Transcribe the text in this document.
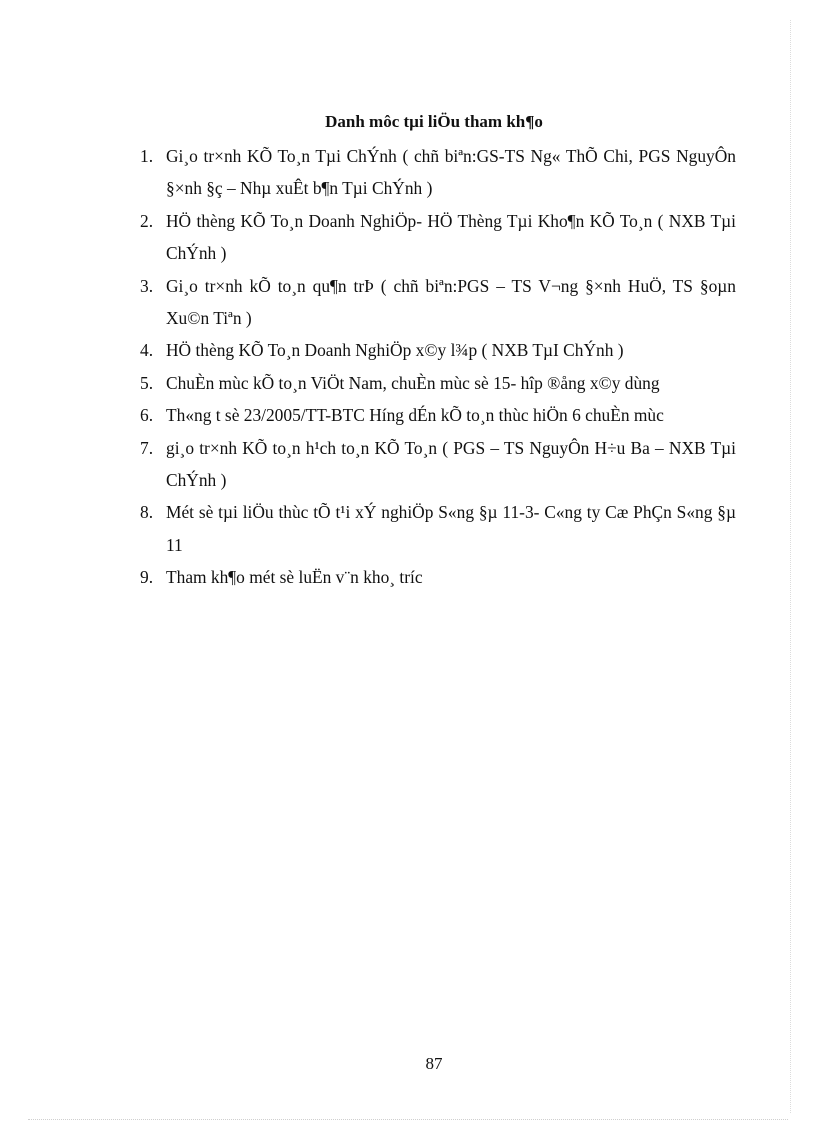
Danh môc tµi liÖu tham kh¶o
1. Gi¸o tr×nh KÕ To¸n Tµi ChÝnh ( chñ biªn:GS-TS Ng« ThÕ Chi, PGS NguyÔn §×nh §ç – Nhµ xuÊt b¶n Tµi ChÝnh )
2. HÖ thèng KÕ To¸n Doanh NghiÖp- HÖ Thèng Tµi Kho¶n KÕ To¸n ( NXB Tµi ChÝnh )
3. Gi¸o tr×nh kÕ to¸n qu¶n trÞ ( chñ biªn:PGS – TS V¬ng §×nh HuÖ, TS §oµn Xu©n Tiªn )
4. HÖ thèng KÕ To¸n Doanh NghiÖp x©y l¾p ( NXB TµI ChÝnh )
5. ChuÈn mùc kÕ to¸n ViÖt Nam, chuÈn mùc sè 15- hîp ®ång x©y dùng
6. Th«ng t sè 23/2005/TT-BTC Híng dÉn kÕ to¸n thùc hiÖn 6 chuÈn mùc
7. gi¸o tr×nh KÕ to¸n h¹ch to¸n KÕ To¸n ( PGS – TS NguyÔn H÷u Ba – NXB Tµi ChÝnh )
8. Mét sè tµi liÖu thùc tÕ t¹i xÝ nghiÖp S«ng §µ 11-3- C«ng ty Cæ PhÇn S«ng §µ 11
9. Tham kh¶o mét sè luËn v¨n kho¸ tríc
87
